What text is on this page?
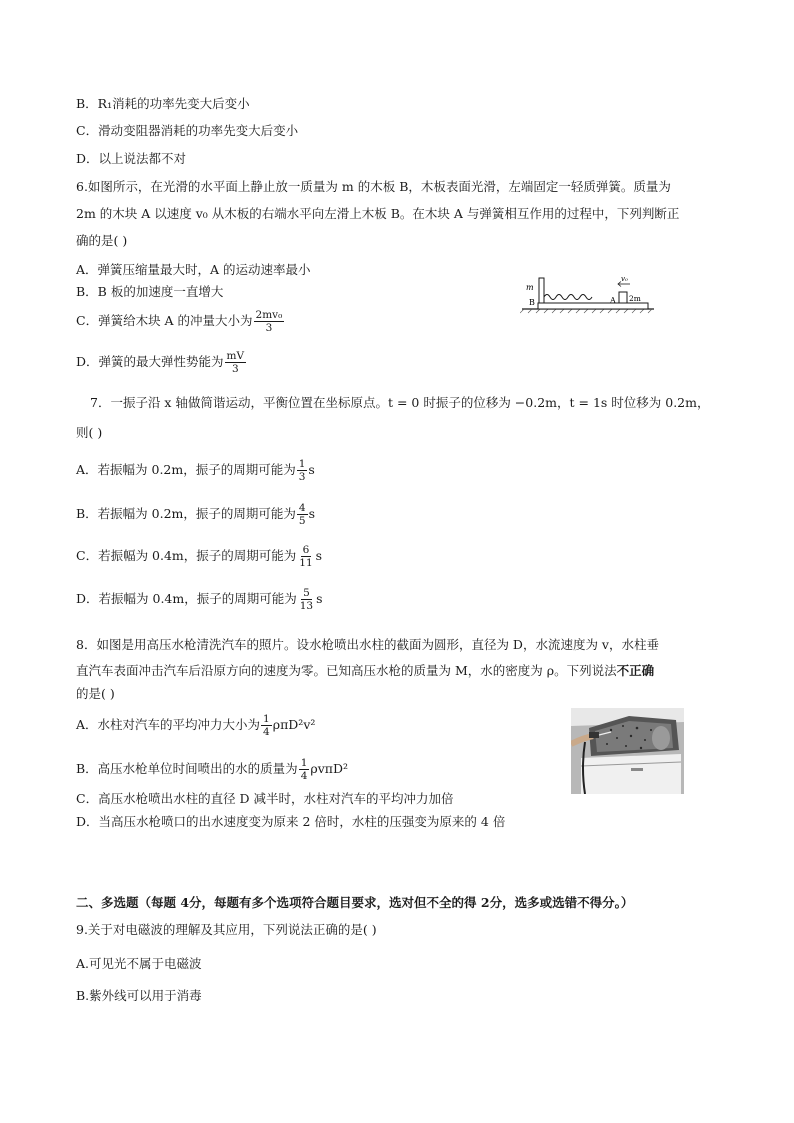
B．R₁消耗的功率先变大后变小
C．滑动变阻器消耗的功率先变大后变小
D．以上说法都不对
6.如图所示，在光滑的水平面上静止放一质量为 m 的木板 B，木板表面光滑，左端固定一轻质弹簧。质量为
2m 的木块 A 以速度 v₀ 从木板的右端水平向左滑上木板 B。在木块 A 与弹簧相互作用的过程中，下列判断正
确的是( )
A．弹簧压缩量最大时，A 的运动速率最小
B．B 板的加速度一直增大
C．弹簧给木块 A 的冲量大小为 $\frac{\text{2mv₀}}{3}$
D．弹簧的最大弹性势能为 $\frac{mV}{3}$
m
B	A
v₀
2m
7．一振子沿 x 轴做简谐运动，平衡位置在坐标原点。t = 0 时振子的位移为 −0.2m，t = 1s 时位移为 0.2m，
则( )
A．若振幅为 0.2m，振子的周期可能为 $\frac{1}{3}$ s
B．若振幅为 0.2m，振子的周期可能为 $\frac{4}{5}$ s
C．若振幅为 0.4m，振子的周期可能为 $\frac{6}{11}$ s
D．若振幅为 0.4m，振子的周期可能为 $\frac{5}{13}$ s
8．如图是用高压水枪清洗汽车的照片。设水枪喷出水柱的截面为圆形，直径为 D，水流速度为 v，水柱垂
直汽车表面冲击汽车后沿原方向的速度为零。已知高压水枪的质量为 M，水的密度为 ρ。下列说法不正确
的是( )
A．水柱对汽车的平均冲力大小为 $\frac{1}{4} \rho\pi D^2v^2$
B．高压水枪单位时间喷出的水的质量为 $\frac{1}{4} \rho v\pi D^2$
C．高压水枪喷出水柱的直径 D 减半时，水柱对汽车的平均冲力加倍
D．当高压水枪喷口的出水速度变为原来 2 倍时，水柱的压强变为原来的 4 倍
二、多选题（每题 4分，每题有多个选项符合题目要求，选对但不全的得 2分，选多或选错不得分。）
9.关于对电磁波的理解及其应用，下列说法正确的是( )
A.可见光不属于电磁波
B.紫外线可以用于消毒
